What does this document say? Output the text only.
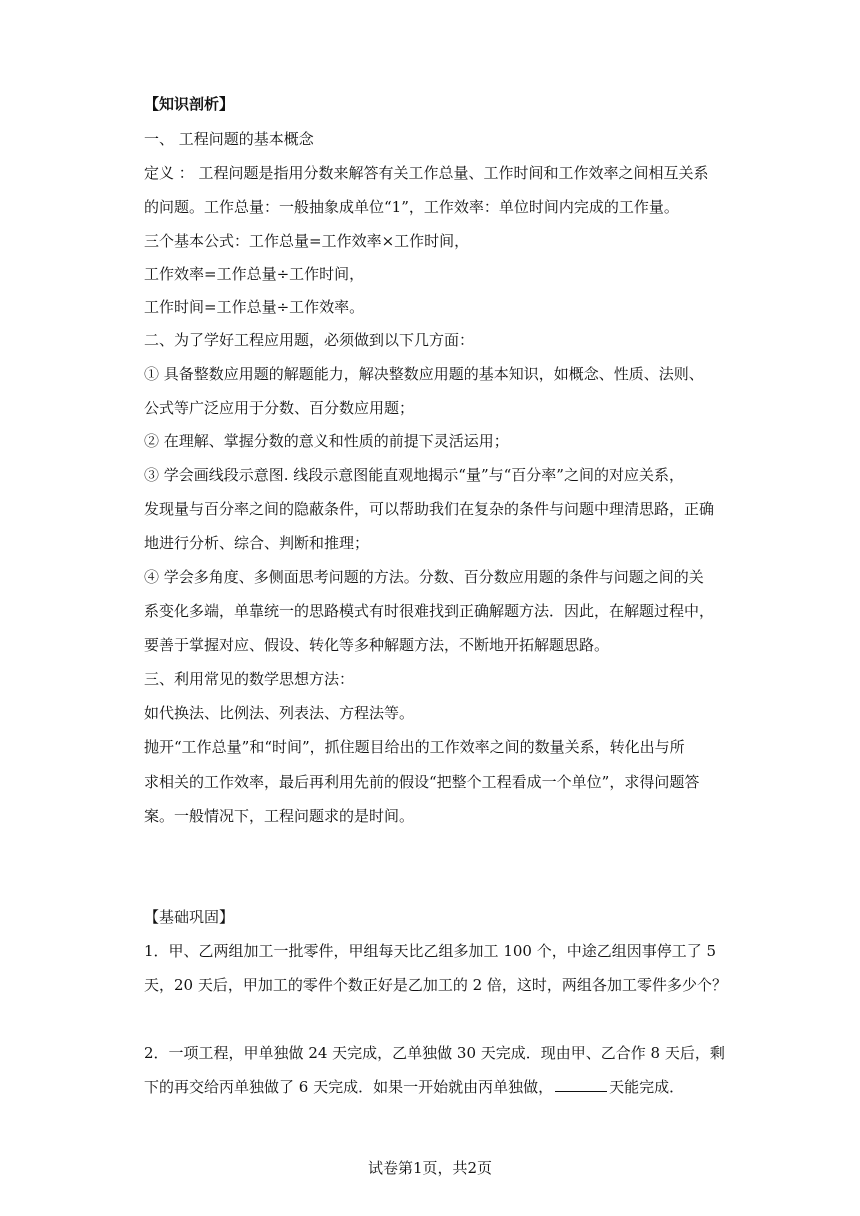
【知识剖析】
一、 工程问题的基本概念
定义 ： 工程问题是指用分数来解答有关工作总量、工作时间和工作效率之间相互关系
的问题。工作总量：一般抽象成单位“1”，工作效率：单位时间内完成的工作量。
三个基本公式：工作总量=工作效率×工作时间，
工作效率=工作总量÷工作时间，
工作时间=工作总量÷工作效率。
二、为了学好工程应用题，必须做到以下几方面：
① 具备整数应用题的解题能力，解决整数应用题的基本知识，如概念、性质、法则、
公式等广泛应用于分数、百分数应用题；
② 在理解、掌握分数的意义和性质的前提下灵活运用；
③ 学会画线段示意图. 线段示意图能直观地揭示“量”与“百分率”之间的对应关系，
发现量与百分率之间的隐蔽条件，可以帮助我们在复杂的条件与问题中理清思路，正确
地进行分析、综合、判断和推理；
④ 学会多角度、多侧面思考问题的方法。分数、百分数应用题的条件与问题之间的关
系变化多端，单靠统一的思路模式有时很难找到正确解题方法．因此，在解题过程中，
要善于掌握对应、假设、转化等多种解题方法，不断地开拓解题思路。
三、利用常见的数学思想方法：
如代换法、比例法、列表法、方程法等。
抛开“工作总量”和“时间”，抓住题目给出的工作效率之间的数量关系，转化出与所
求相关的工作效率，最后再利用先前的假设“把整个工程看成一个单位”，求得问题答
案。一般情况下，工程问题求的是时间。
【基础巩固】
1．甲、乙两组加工一批零件，甲组每天比乙组多加工 100 个，中途乙组因事停工了 5
天，20 天后，甲加工的零件个数正好是乙加工的 2 倍，这时，两组各加工零件多少个？
2．一项工程，甲单独做 24 天完成，乙单独做 30 天完成．现由甲、乙合作 8 天后，剩
下的再交给丙单独做了 6 天完成．如果一开始就由丙单独做，	天能完成．
试卷第1页，共2页
